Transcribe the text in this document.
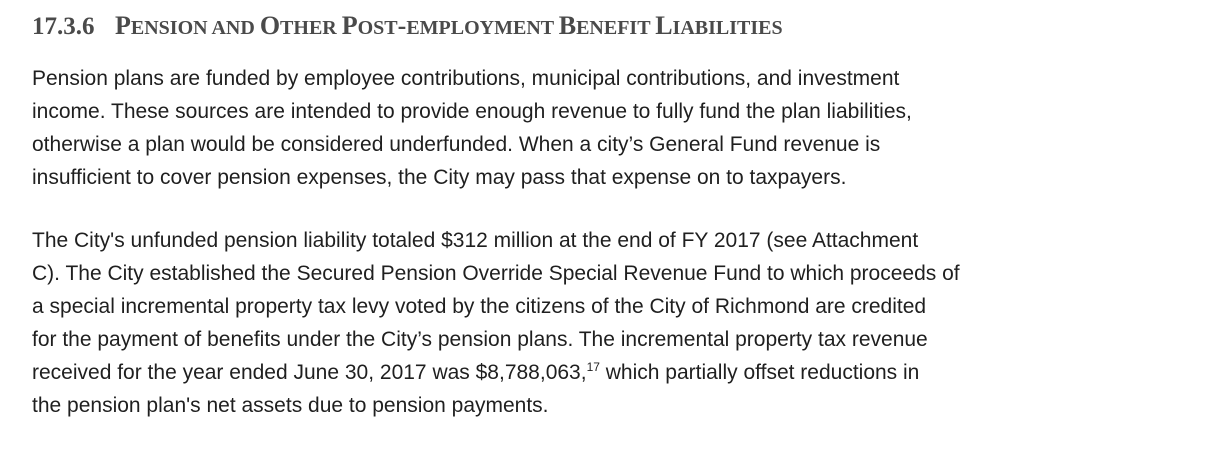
17.3.6 PENSION AND OTHER POST-EMPLOYMENT BENEFIT LIABILITIES

Pension plans are funded by employee contributions, municipal contributions, and investment
income. These sources are intended to provide enough revenue to fully fund the plan liabilities,
otherwise a plan would be considered underfunded. When a city’s General Fund revenue is
insufficient to cover pension expenses, the City may pass that expense on to taxpayers.

The City's unfunded pension liability totaled $312 million at the end of FY 2017 (see Attachment
C). The City established the Secured Pension Override Special Revenue Fund to which proceeds of
a special incremental property tax levy voted by the citizens of the City of Richmond are credited
for the payment of benefits under the City’s pension plans. The incremental property tax revenue
received for the year ended June 30, 2017 was $8,788,063,17 which partially offset reductions in
the pension plan's net assets due to pension payments.
